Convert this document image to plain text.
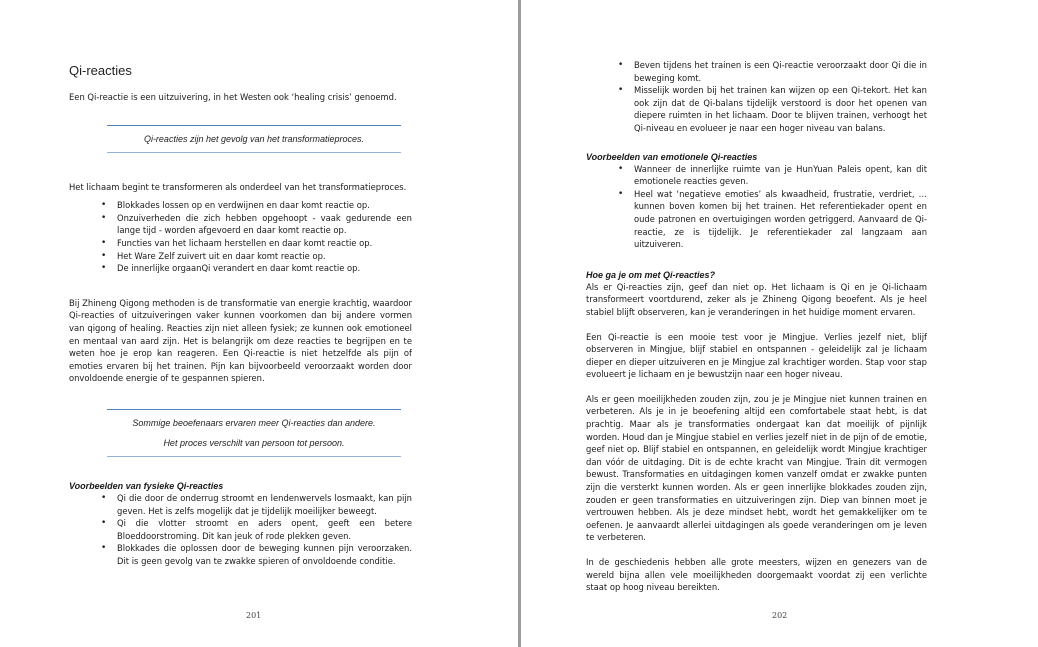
Qi-reacties

Een Qi-reactie is een uitzuivering, in het Westen ook ‘healing crisis’ genoemd.

Qi-reacties zijn het gevolg van het transformatieproces.

Het lichaam begint te transformeren als onderdeel van het transformatieproces.

• Blokkades lossen op en verdwijnen en daar komt reactie op.
• Onzuiverheden die zich hebben opgehoopt - vaak gedurende een lange tijd - worden afgevoerd en daar komt reactie op.
• Functies van het lichaam herstellen en daar komt reactie op.
• Het Ware Zelf zuivert uit en daar komt reactie op.
• De innerlijke orgaanQi verandert en daar komt reactie op.

Bij Zhineng Qigong methoden is de transformatie van energie krachtig, waardoor Qi-reacties of uitzuiveringen vaker kunnen voorkomen dan bij andere vormen van qigong of healing. Reacties zijn niet alleen fysiek; ze kunnen ook emotioneel en mentaal van aard zijn. Het is belangrijk om deze reacties te begrijpen en te weten hoe je erop kan reageren. Een Qi-reactie is niet hetzelfde als pijn of emoties ervaren bij het trainen. Pijn kan bijvoorbeeld veroorzaakt worden door onvoldoende energie of te gespannen spieren.

Sommige beoefenaars ervaren meer Qi-reacties dan andere.
Het proces verschilt van persoon tot persoon.
Voorbeelden van fysieke Qi-reacties
• Qi die door de onderrug stroomt en lendenwervels losmaakt, kan pijn geven. Het is zelfs mogelijk dat je tijdelijk moeilijker beweegt.
• Qi die vlotter stroomt en aders opent, geeft een betere Bloeddoorstroming. Dit kan jeuk of rode plekken geven.
• Blokkades die oplossen door de beweging kunnen pijn veroorzaken. Dit is geen gevolg van te zwakke spieren of onvoldoende conditie.
201
• Beven tijdens het trainen is een Qi-reactie veroorzaakt door Qi die in beweging komt.
• Misselijk worden bij het trainen kan wijzen op een Qi-tekort. Het kan ook zijn dat de Qi-balans tijdelijk verstoord is door het openen van diepere ruimten in het lichaam. Door te blijven trainen, verhoogt het Qi-niveau en evolueer je naar een hoger niveau van balans.
Voorbeelden van emotionele Qi-reacties
• Wanneer de innerlijke ruimte van je HunYuan Paleis opent, kan dit emotionele reacties geven.
• Heel wat ‘negatieve emoties’ als kwaadheid, frustratie, verdriet, … kunnen boven komen bij het trainen. Het referentiekader opent en oude patronen en overtuigingen worden getriggerd. Aanvaard de Qi-reactie, ze is tijdelijk. Je referentiekader zal langzaam aan uitzuiveren.
Hoe ga je om met Qi-reacties?

Als er Qi-reacties zijn, geef dan niet op. Het lichaam is Qi en je Qi-lichaam transformeert voortdurend, zeker als je Zhineng Qigong beoefent. Als je heel stabiel blijft observeren, kan je veranderingen in het huidige moment ervaren.

Een Qi-reactie is een mooie test voor je Mingjue. Verlies jezelf niet, blijf observeren in Mingjue, blijf stabiel en ontspannen - geleidelijk zal je lichaam dieper en dieper uitzuiveren en je Mingjue zal krachtiger worden. Stap voor stap evolueert je lichaam en je bewustzijn naar een hoger niveau.

Als er geen moeilijkheden zouden zijn, zou je je Mingjue niet kunnen trainen en verbeteren. Als je in je beoefening altijd een comfortabele staat hebt, is dat prachtig. Maar als je transformaties ondergaat kan dat moeilijk of pijnlijk worden. Houd dan je Mingjue stabiel en verlies jezelf niet in de pijn of de emotie, geef niet op. Blijf stabiel en ontspannen, en geleidelijk wordt Mingjue krachtiger dan vóór de uitdaging. Dit is de echte kracht van Mingjue. Train dit vermogen bewust. Transformaties en uitdagingen komen vanzelf omdat er zwakke punten zijn die versterkt kunnen worden. Als er geen innerlijke blokkades zouden zijn, zouden er geen transformaties en uitzuiveringen zijn. Diep van binnen moet je vertrouwen hebben. Als je deze mindset hebt, wordt het gemakkelijker om te oefenen. Je aanvaardt allerlei uitdagingen als goede veranderingen om je leven te verbeteren.

In de geschiedenis hebben alle grote meesters, wijzen en genezers van de wereld bijna allen vele moeilijkheden doorgemaakt voordat zij een verlichte staat op hoog niveau bereikten.

202
